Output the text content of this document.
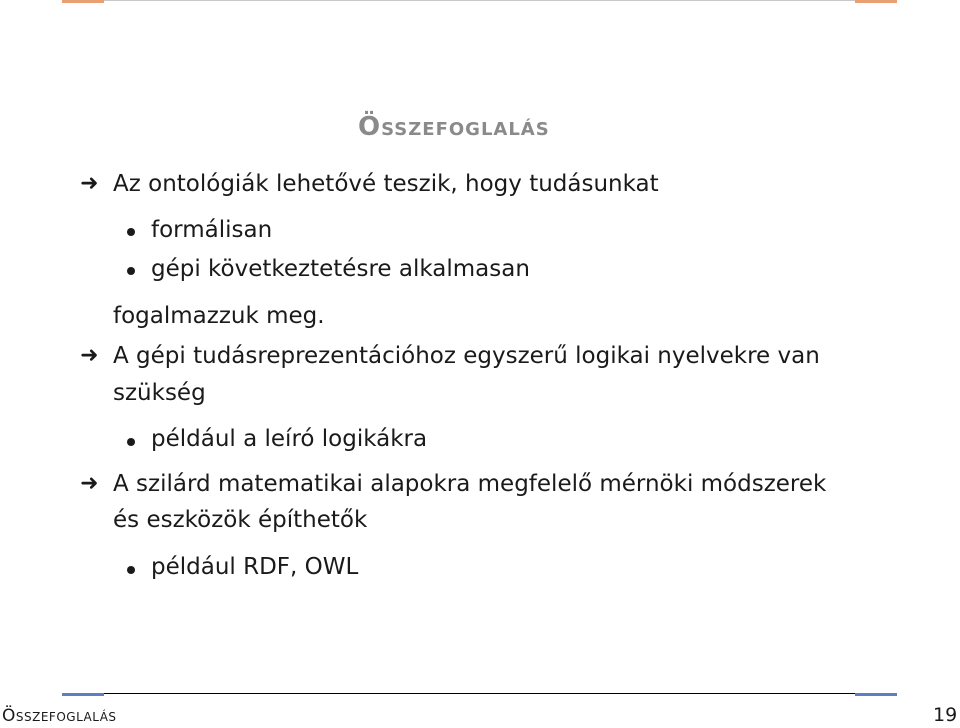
Összefoglalás
➜ Az ontológiák lehetővé teszik, hogy tudásunkat
formálisan
gépi következtetésre alkalmasan
fogalmazzuk meg.
➜ A gépi tudásreprezentációhoz egyszerű logikai nyelvekre van
szükség
például a leíró logikákra
➜ A szilárd matematikai alapokra megfelelő mérnöki módszerek
és eszközök építhetők
például RDF, OWL
Összefoglalás	19
